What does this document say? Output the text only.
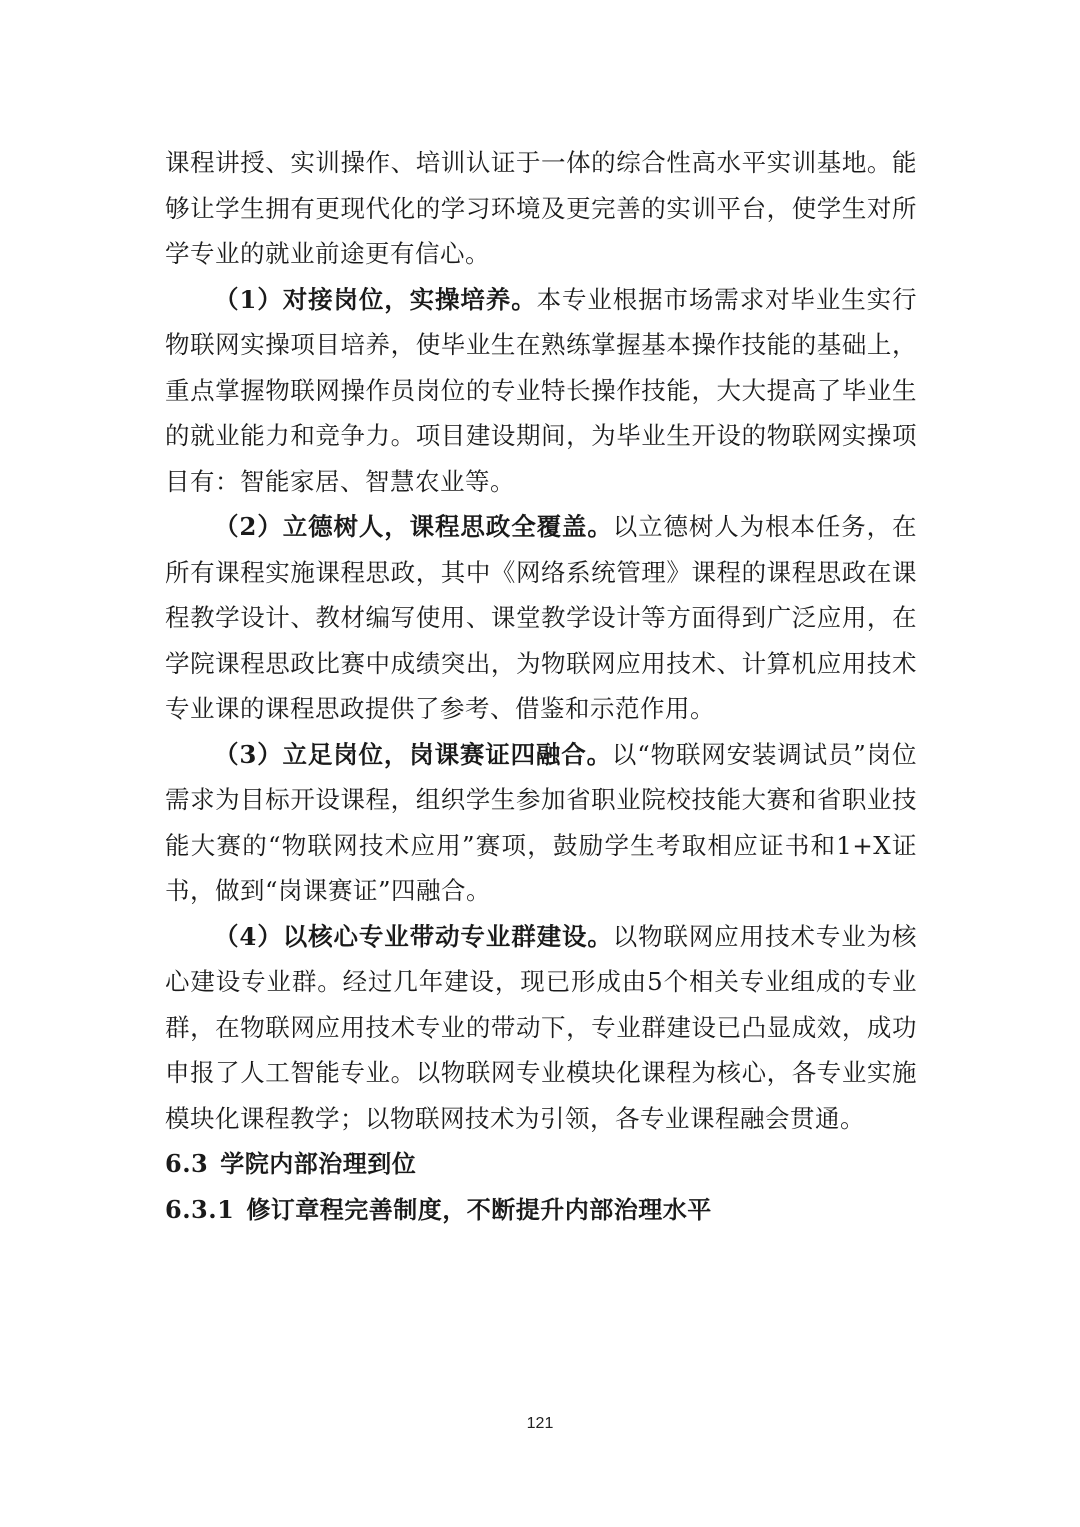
课程讲授、实训操作、培训认证于一体的综合性高水平实训基地。能够让学生拥有更现代化的学习环境及更完善的实训平台，使学生对所学专业的就业前途更有信心。

（1）对接岗位，实操培养。本专业根据市场需求对毕业生实行物联网实操项目培养，使毕业生在熟练掌握基本操作技能的基础上，重点掌握物联网操作员岗位的专业特长操作技能，大大提高了毕业生的就业能力和竞争力。项目建设期间，为毕业生开设的物联网实操项目有：智能家居、智慧农业等。

（2）立德树人，课程思政全覆盖。以立德树人为根本任务，在所有课程实施课程思政，其中《网络系统管理》课程的课程思政在课程教学设计、教材编写使用、课堂教学设计等方面得到广泛应用，在学院课程思政比赛中成绩突出，为物联网应用技术、计算机应用技术专业课的课程思政提供了参考、借鉴和示范作用。

（3）立足岗位，岗课赛证四融合。以“物联网安装调试员”岗位需求为目标开设课程，组织学生参加省职业院校技能大赛和省职业技能大赛的“物联网技术应用”赛项，鼓励学生考取相应证书和1+X证书，做到“岗课赛证”四融合。

（4）以核心专业带动专业群建设。以物联网应用技术专业为核心建设专业群。经过几年建设，现已形成由5个相关专业组成的专业群，在物联网应用技术专业的带动下，专业群建设已凸显成效，成功申报了人工智能专业。以物联网专业模块化课程为核心，各专业实施模块化课程教学；以物联网技术为引领，各专业课程融会贯通。

6.3 学院内部治理到位
6.3.1 修订章程完善制度，不断提升内部治理水平
121
